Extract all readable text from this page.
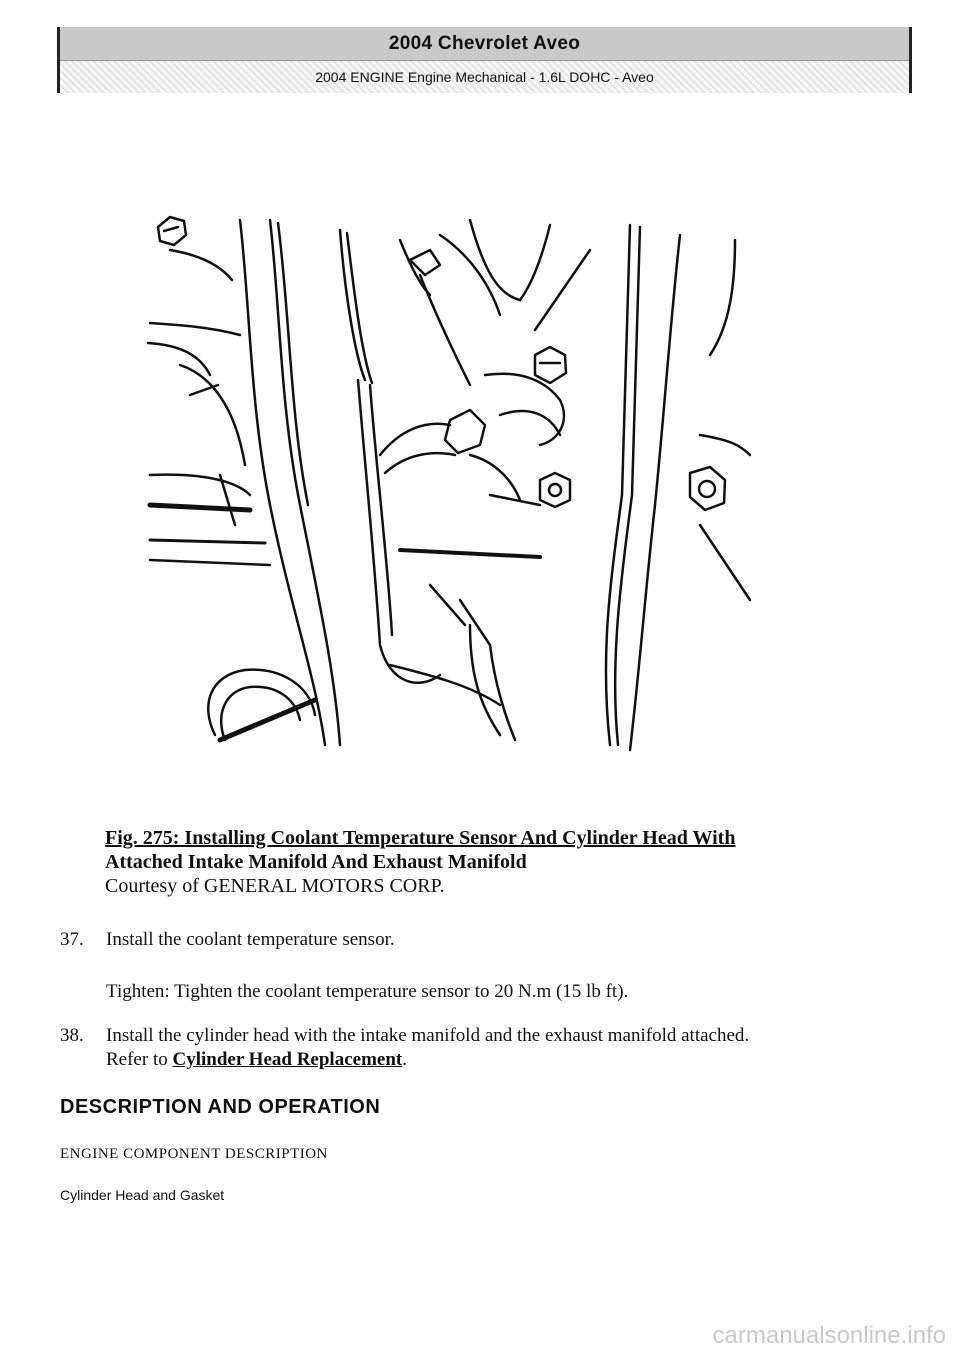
2004 Chevrolet Aveo
2004 ENGINE Engine Mechanical - 1.6L DOHC - Aveo
Fig. 275: Installing Coolant Temperature Sensor And Cylinder Head With
Attached Intake Manifold And Exhaust Manifold
Courtesy of GENERAL MOTORS CORP.
37. Install the coolant temperature sensor.
Tighten: Tighten the coolant temperature sensor to 20 N.m (15 lb ft).
38. Install the cylinder head with the intake manifold and the exhaust manifold attached.
Refer to Cylinder Head Replacement.
DESCRIPTION AND OPERATION
ENGINE COMPONENT DESCRIPTION
Cylinder Head and Gasket
carmanualsonline.info
